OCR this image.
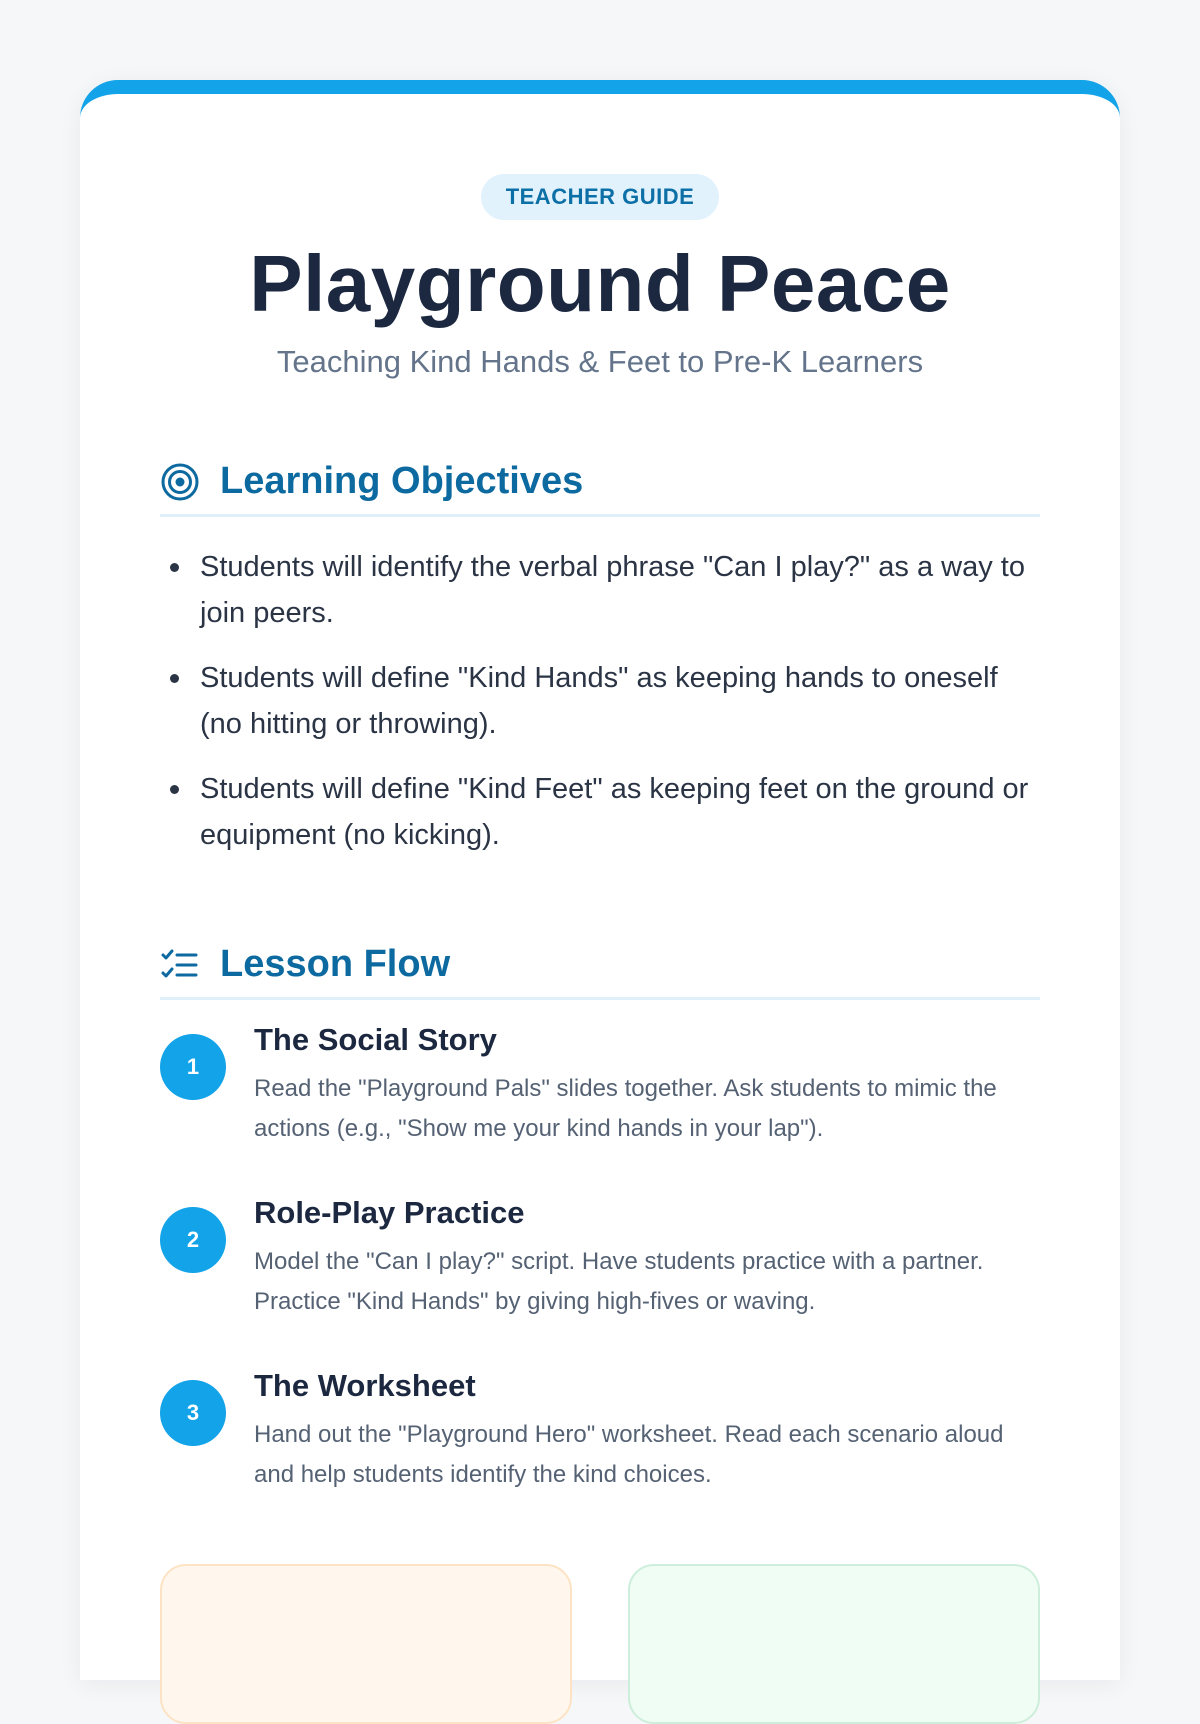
TEACHER GUIDE
Playground Peace
Teaching Kind Hands & Feet to Pre-K Learners
Learning Objectives
Students will identify the verbal phrase "Can I play?" as a way to join peers.
Students will define "Kind Hands" as keeping hands to oneself (no hitting or throwing).
Students will define "Kind Feet" as keeping feet on the ground or equipment (no kicking).
Lesson Flow
1
The Social Story
Read the "Playground Pals" slides together. Ask students to mimic the actions (e.g., "Show me your kind hands in your lap").
2
Role-Play Practice
Model the "Can I play?" script. Have students practice with a partner. Practice "Kind Hands" by giving high-fives or waving.
3
The Worksheet
Hand out the "Playground Hero" worksheet. Read each scenario aloud and help students identify the kind choices.
